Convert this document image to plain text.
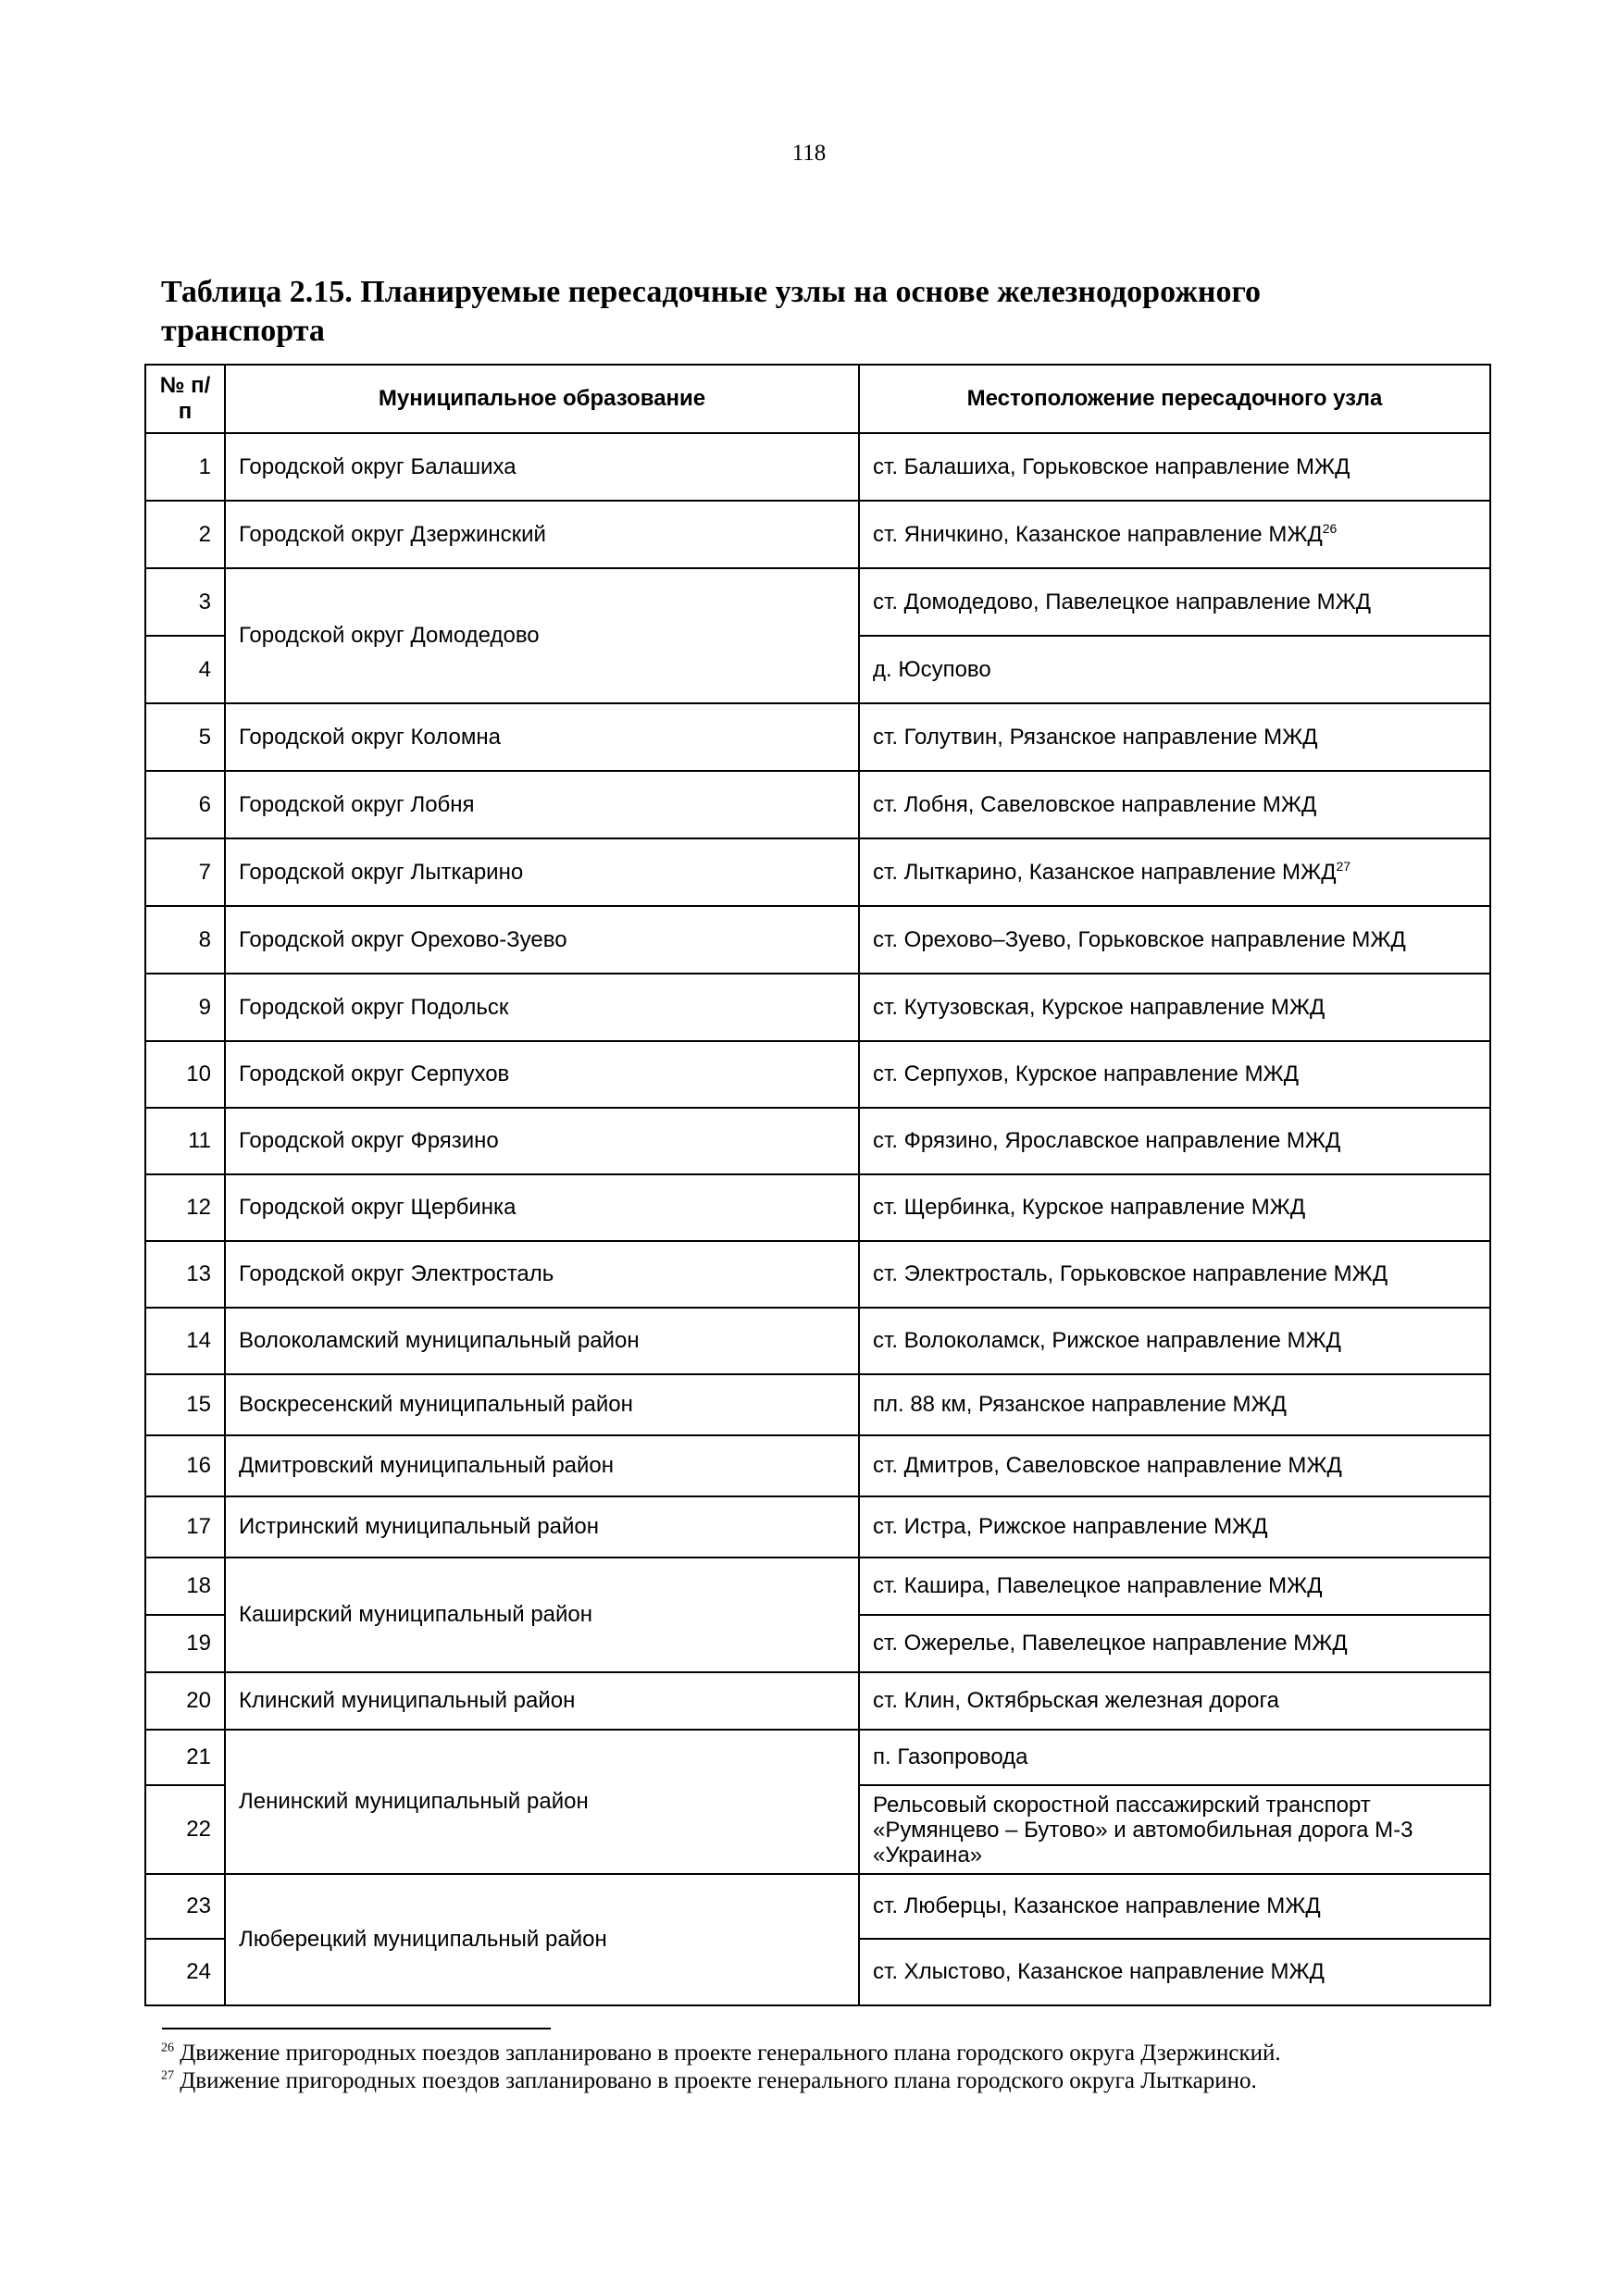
118
Таблица 2.15. Планируемые пересадочные узлы на основе железнодорожного транспорта
№ п/п	Муниципальное образование	Местоположение пересадочного узла
1	Городской округ Балашиха	ст. Балашиха, Горьковское направление МЖД
2	Городской округ Дзержинский	ст. Яничкино, Казанское направление МЖД$^{26}$
3	Городской округ Домодедово	ст. Домодедово, Павелецкое направление МЖД
4		д. Юсупово
5	Городской округ Коломна	ст. Голутвин, Рязанское направление МЖД
6	Городской округ Лобня	ст. Лобня, Савеловское направление МЖД
7	Городской округ Лыткарино	ст. Лыткарино, Казанское направление МЖД$^{27}$
8	Городской округ Орехово-Зуево	ст. Орехово–Зуево, Горьковское направление МЖД
9	Городской округ Подольск	ст. Кутузовская, Курское направление МЖД
10	Городской округ Серпухов	ст. Серпухов, Курское направление МЖД
11	Городской округ Фрязино	ст. Фрязино, Ярославское направление МЖД
12	Городской округ Щербинка	ст. Щербинка, Курское направление МЖД
13	Городской округ Электросталь	ст. Электросталь, Горьковское направление МЖД
14	Волоколамский муниципальный район	ст. Волоколамск, Рижское направление МЖД
15	Воскресенский муниципальный район	пл. 88 км, Рязанское направление МЖД
16	Дмитровский муниципальный район	ст. Дмитров, Савеловское направление МЖД
17	Истринский муниципальный район	ст. Истра, Рижское направление МЖД
18	Каширский муниципальный район	ст. Кашира, Павелецкое направление МЖД
19		ст. Ожерелье, Павелецкое направление МЖД
20	Клинский муниципальный район	ст. Клин, Октябрьская железная дорога
21	Ленинский муниципальный район	п. Газопровода
22		Рельсовый скоростной пассажирский транспорт «Румянцево – Бутово» и автомобильная дорога М-3 «Украина»
23	Люберецкий муниципальный район	ст. Люберцы, Казанское направление МЖД
24		ст. Хлыстово, Казанское направление МЖД

$^{26}$ Движение пригородных поездов запланировано в проекте генерального плана городского округа Дзержинский.

$^{27}$ Движение пригородных поездов запланировано в проекте генерального плана городского округа Лыткарино.
